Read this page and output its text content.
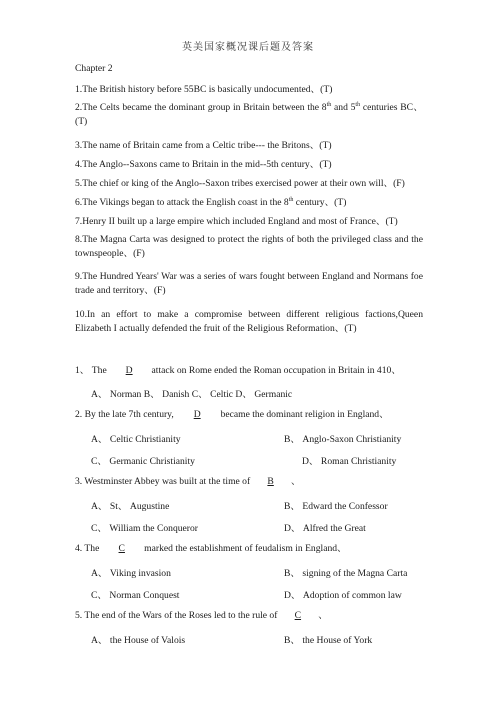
英美国家概况课后题及答案
Chapter 2
1.The British history before 55BC is basically undocumented、(T)
2.The Celts became the dominant group in Britain between the 8th and 5th centuries BC、(T)
3.The name of Britain came from a Celtic tribe--- the Britons、(T)
4.The Anglo--Saxons came to Britain in the mid--5th century、(T)
5.The chief or king of the Anglo--Saxon tribes exercised power at their own will、(F)
6.The Vikings began to attack the English coast in the 8th century、(T)
7.Henry II built up a large empire which included England and most of France、(T)
8.The Magna Carta was designed to protect the rights of both the privileged class and the townspeople、(F)
9.The Hundred Years' War was a series of wars fought between England and Normans foe trade and territory、(F)
10.In an effort to make a compromise between different religious factions,Queen Elizabeth I actually defended the fruit of the Religious Reformation、(T)
1、 The D attack on Rome ended the Roman occupation in Britain in 410、
A、 Norman B、 Danish C、 Celtic D、 Germanic
2. By the late 7th century, D became the dominant religion in England、
A、 Celtic Christianity	B、 Anglo-Saxon Christianity
C、 Germanic Christianity	D、 Roman Christianity
3. Westminster Abbey was built at the time of B 、
A、 St、 Augustine	B、 Edward the Confessor
C、 William the Conqueror	D、 Alfred the Great
4. The C marked the establishment of feudalism in England、
A、 Viking invasion	B、 signing of the Magna Carta
C、 Norman Conquest	D、 Adoption of common law
5. The end of the Wars of the Roses led to the rule of C 、
A、 the House of Valois	B、 the House of York
